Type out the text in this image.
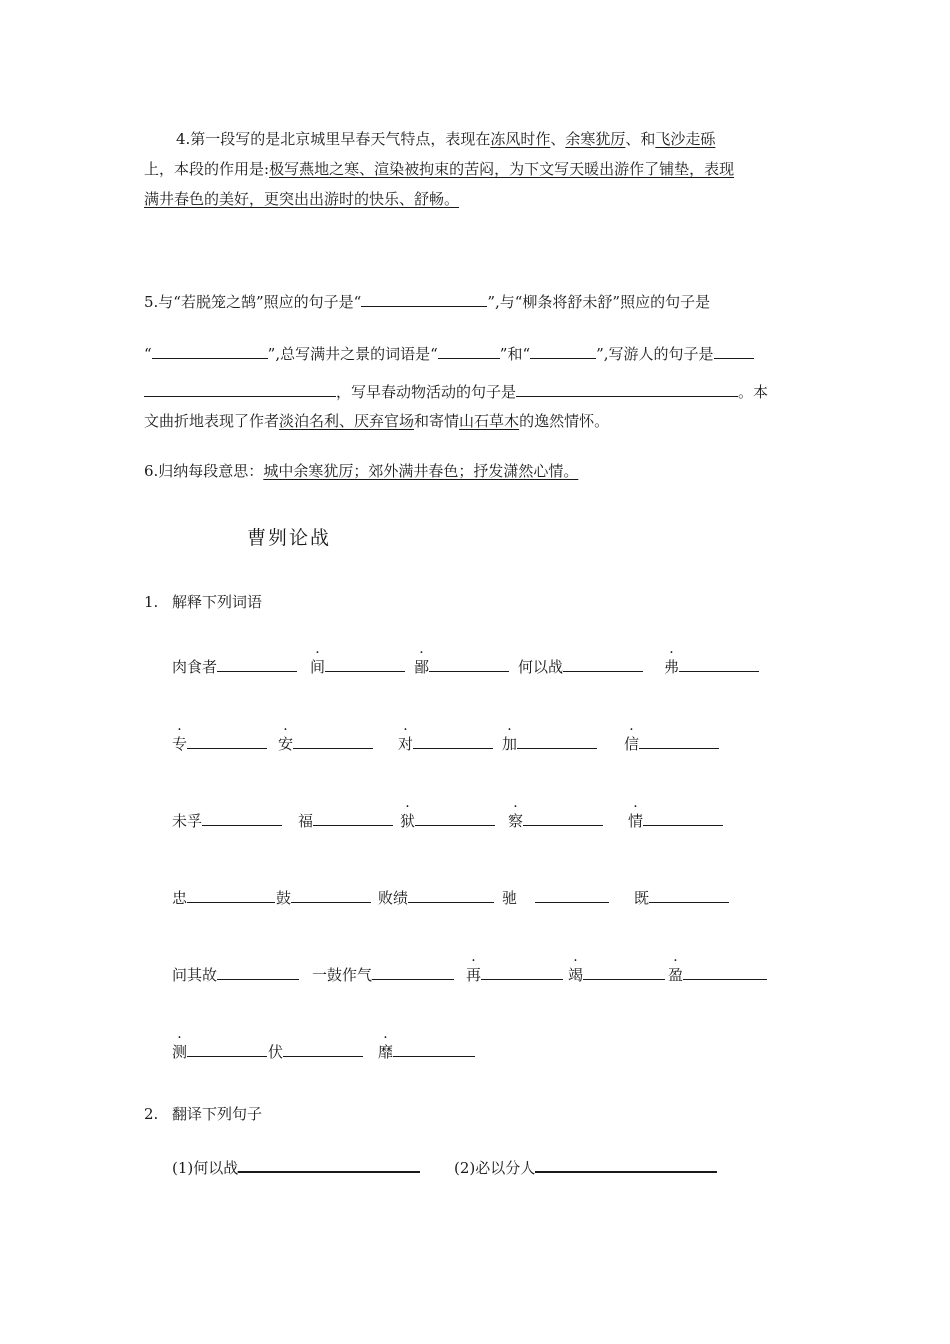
4.第一段写的是北京城里早春天气特点，表现在冻风时作、余寒犹厉、和飞沙走砾
上，本段的作用是:极写燕地之寒、渲染被拘束的苦闷，为下文写天暖出游作了铺垫，表现
满井春色的美好，更突出出游时的快乐、舒畅。
5.与“若脱笼之鹄”照应的句子是“	”,与“柳条将舒未舒”照应的句子是
“	”,总写满井之景的词语是“	”和“	”,写游人的句子是
，写早春动物活动的句子是	。本
文曲折地表现了作者淡泊名利、厌弃官场和寄情山石草木的逸然情怀。
6.归纳每段意思：城中余寒犹厉；郊外满井春色；抒发潇然心情。
曹刿论战
1. 解释下列词语
肉食者	间	鄙	何以战	弗
专	安	对	加	信
未孚	福	狱	察	情
忠	鼓	败绩	驰	既
问其故	一鼓作气	再	竭	盈
测	伏	靡
2. 翻译下列句子
(1)何以战	(2)必以分人
